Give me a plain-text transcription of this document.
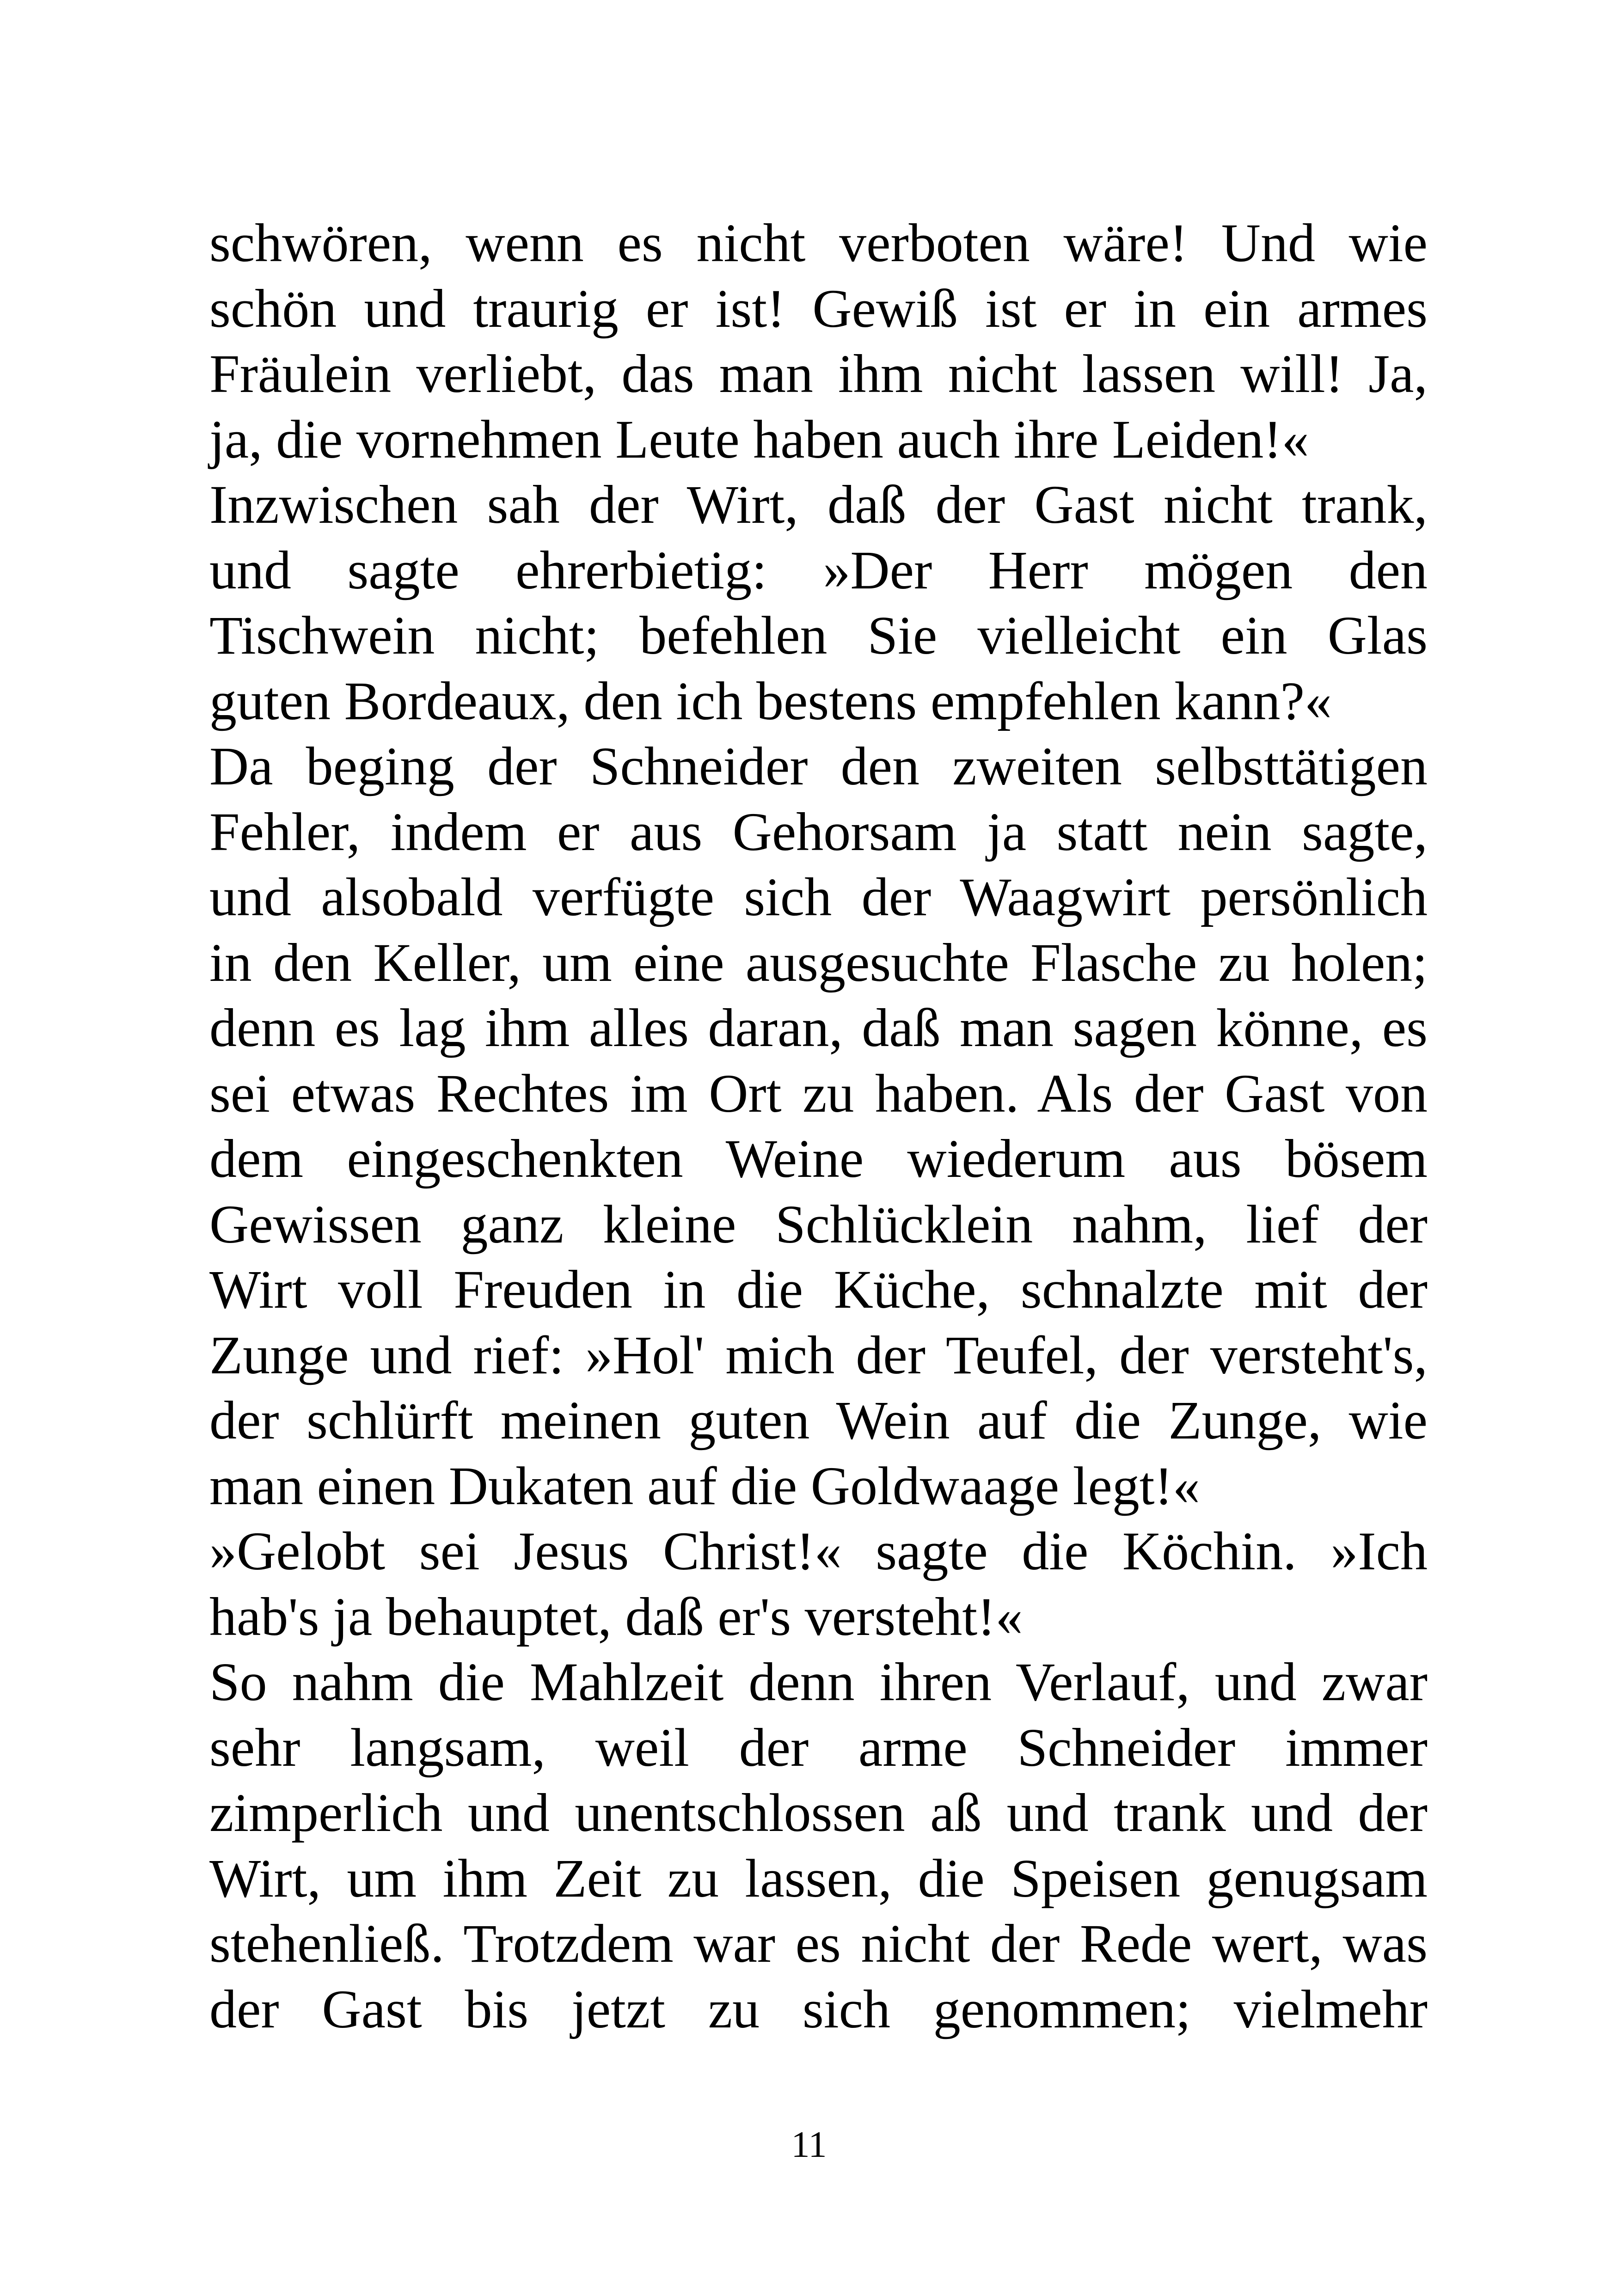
schwören, wenn es nicht verboten wäre! Und wie
schön und traurig er ist! Gewiß ist er in ein armes
Fräulein verliebt, das man ihm nicht lassen will! Ja,
ja, die vornehmen Leute haben auch ihre Leiden!«
Inzwischen sah der Wirt, daß der Gast nicht trank,
und sagte ehrerbietig: »Der Herr mögen den
Tischwein nicht; befehlen Sie vielleicht ein Glas
guten Bordeaux, den ich bestens empfehlen kann?«
Da beging der Schneider den zweiten selbsttätigen
Fehler, indem er aus Gehorsam ja statt nein sagte,
und alsobald verfügte sich der Waagwirt persönlich
in den Keller, um eine ausgesuchte Flasche zu holen;
denn es lag ihm alles daran, daß man sagen könne, es
sei etwas Rechtes im Ort zu haben. Als der Gast von
dem eingeschenkten Weine wiederum aus bösem
Gewissen ganz kleine Schlücklein nahm, lief der
Wirt voll Freuden in die Küche, schnalzte mit der
Zunge und rief: »Hol' mich der Teufel, der versteht's,
der schlürft meinen guten Wein auf die Zunge, wie
man einen Dukaten auf die Goldwaage legt!«
»Gelobt sei Jesus Christ!« sagte die Köchin. »Ich
hab's ja behauptet, daß er's versteht!«
So nahm die Mahlzeit denn ihren Verlauf, und zwar
sehr langsam, weil der arme Schneider immer
zimperlich und unentschlossen aß und trank und der
Wirt, um ihm Zeit zu lassen, die Speisen genugsam
stehenließ. Trotzdem war es nicht der Rede wert, was
der Gast bis jetzt zu sich genommen; vielmehr
11
